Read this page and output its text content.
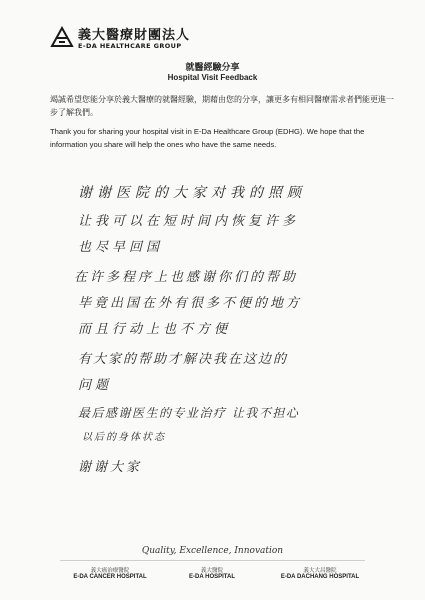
義大醫療財團法人
E-DA HEALTHCARE GROUP
就醫經驗分享
Hospital Visit Feedback
竭誠希望您能分享於義大醫療的就醫經驗，期藉由您的分享，讓更多有相同醫療需求者們能更進一步了解我們。
Thank you for sharing your hospital visit in E-Da Healthcare Group (EDHG). We hope that the information you share will help the ones who have the same needs.
谢谢医院的大家对我的照顾
让我可以在短时间内恢复许多
也尽早回国
在许多程序上也感谢你们的帮助
毕竟出国在外有很多不便的地方
而且行动上也不方便
有大家的帮助才解决我在这边的
问题
最后感谢医生的专业治疗 让我不担心
以后的身体状态
谢谢大家
Quality, Excellence, Innovation
義大癌治療醫院
E-DA CANCER HOSPITAL
義大醫院
E-DA HOSPITAL
義大大昌醫院
E-DA DACHANG HOSPITAL
